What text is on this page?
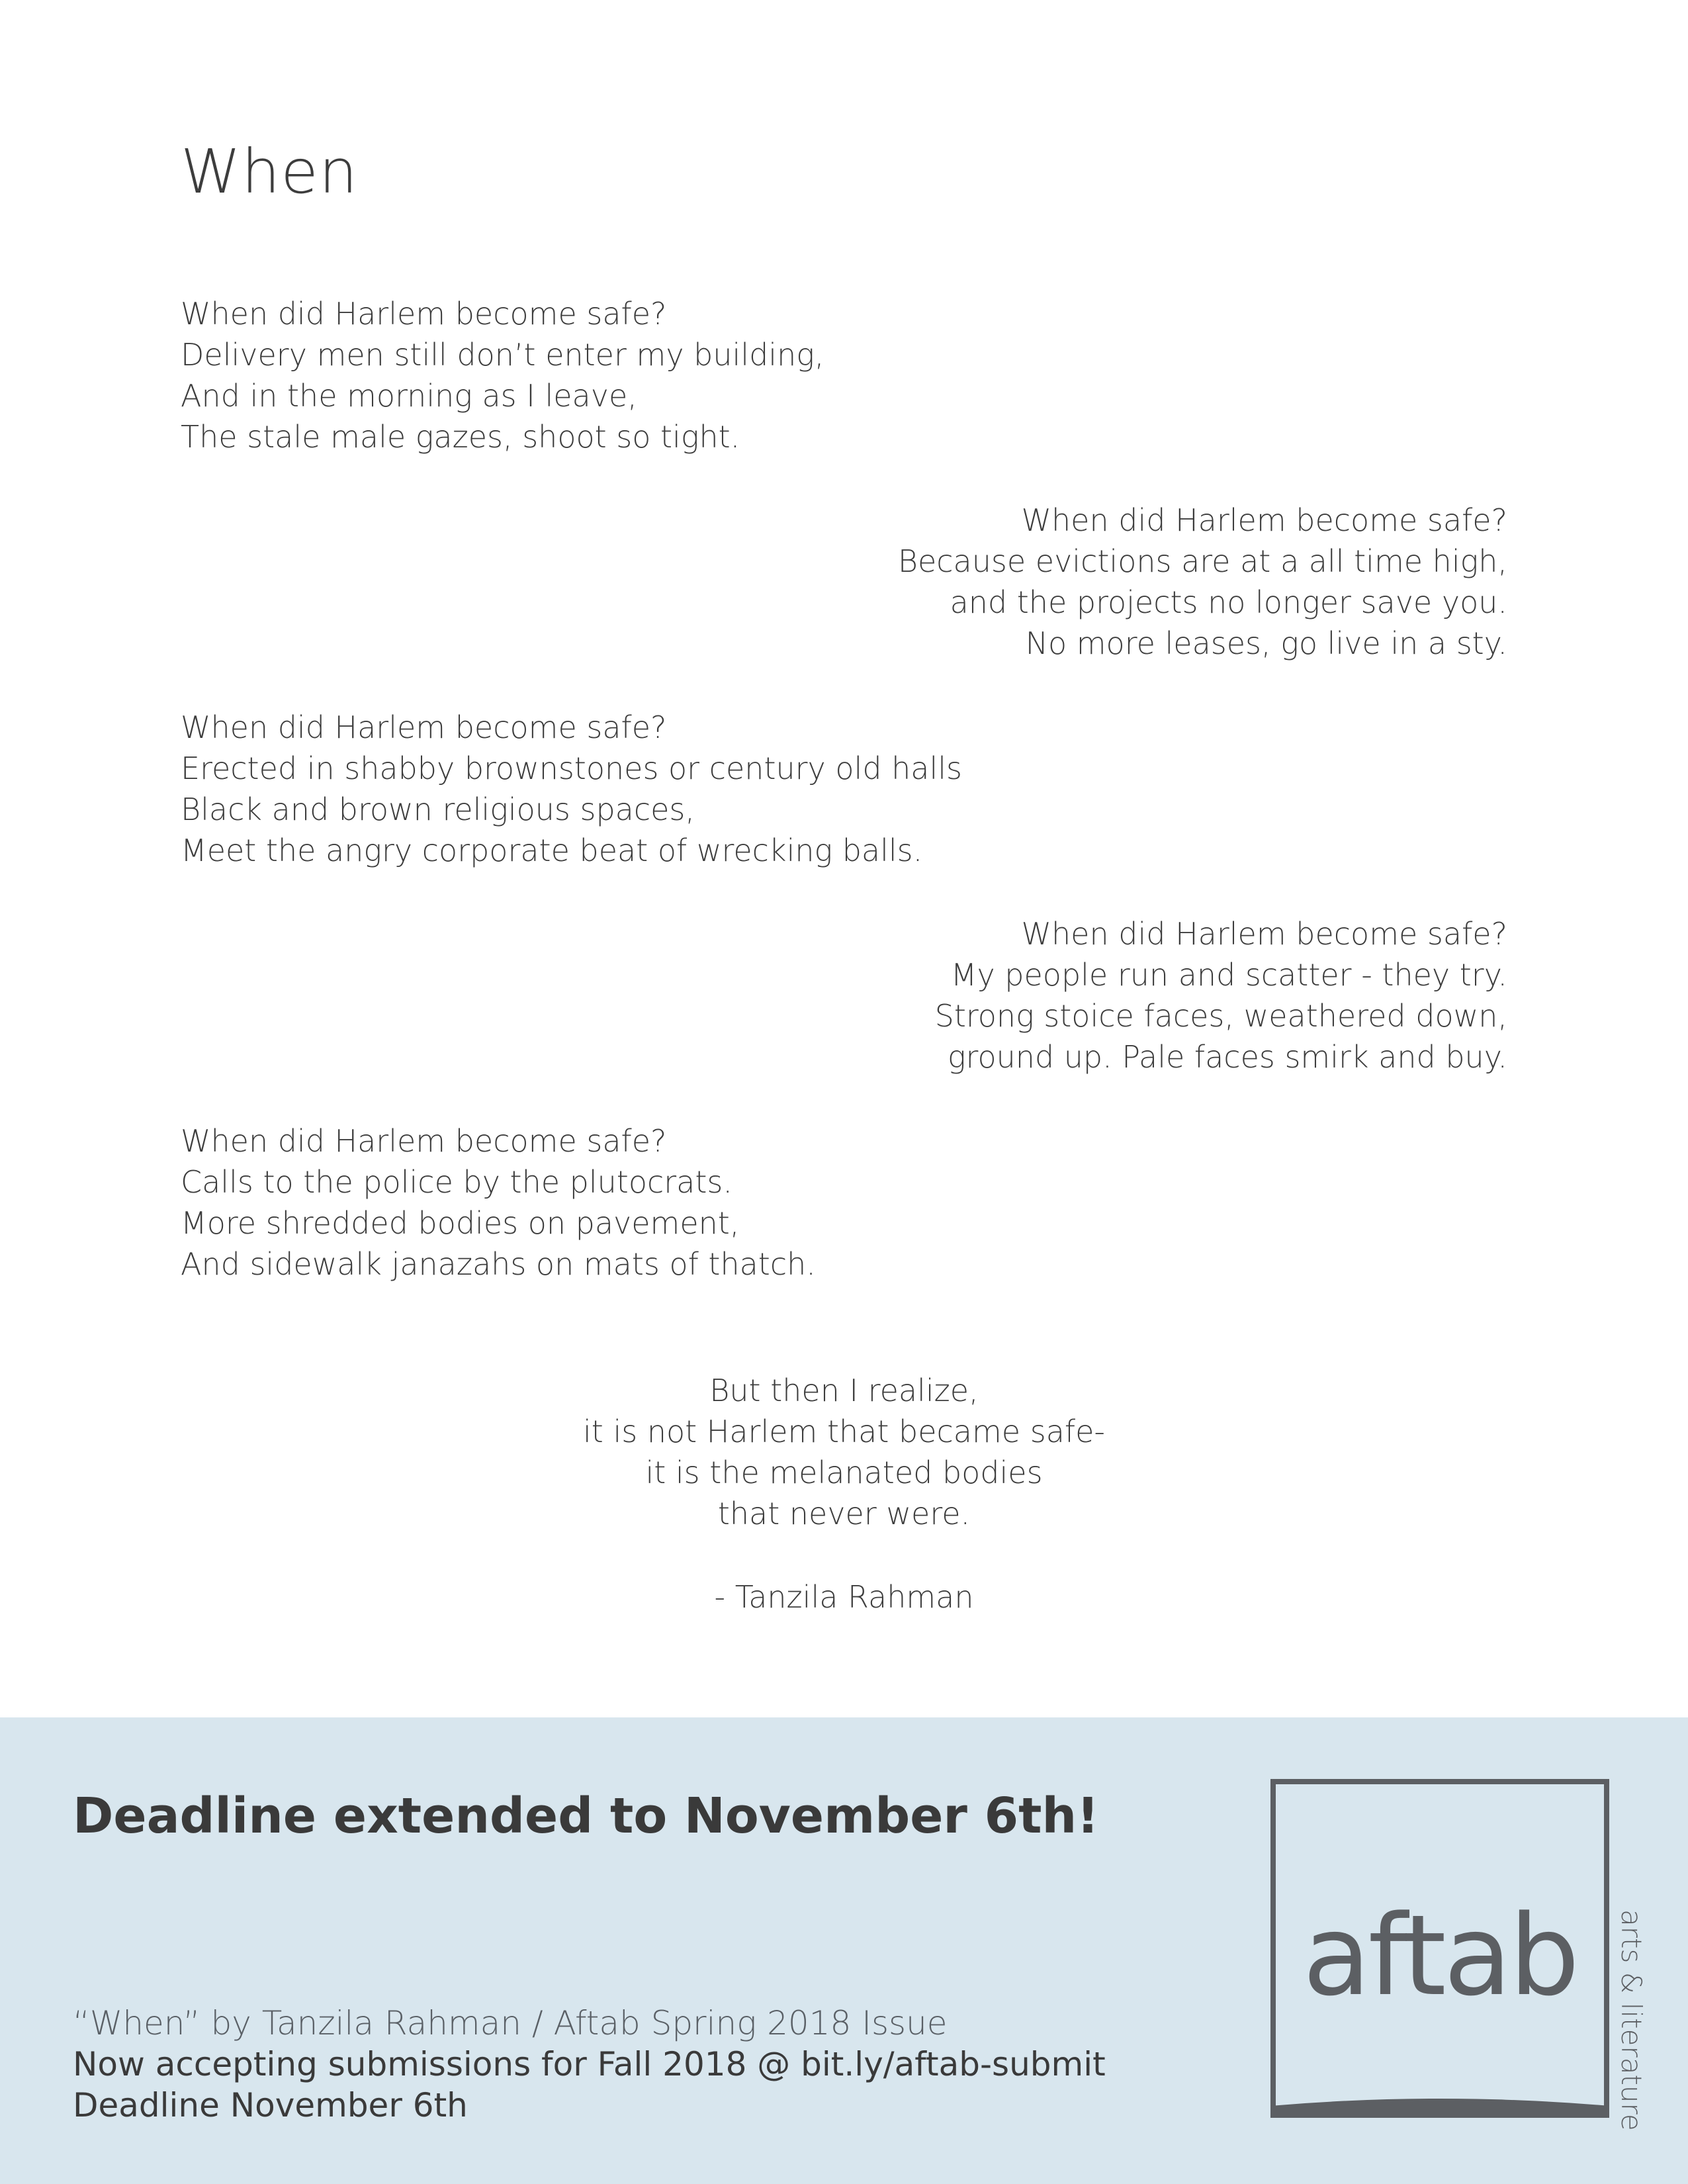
When
When did Harlem become safe?
Delivery men still don’t enter my building,
And in the morning as I leave,
The stale male gazes, shoot so tight.
When did Harlem become safe?
Because evictions are at a all time high,
and the projects no longer save you.
No more leases, go live in a sty.
When did Harlem become safe?
Erected in shabby brownstones or century old halls
Black and brown religious spaces,
Meet the angry corporate beat of wrecking balls.
When did Harlem become safe?
My people run and scatter - they try.
Strong stoice faces, weathered down,
ground up. Pale faces smirk and buy.
When did Harlem become safe?
Calls to the police by the plutocrats.
More shredded bodies on pavement,
And sidewalk janazahs on mats of thatch.
But then I realize,
it is not Harlem that became safe-
it is the melanated bodies
that never were.
- Tanzila Rahman
Deadline extended to November 6th!
“When” by Tanzila Rahman / Aftab Spring 2018 Issue
Now accepting submissions for Fall 2018 @ bit.ly/aftab-submit
Deadline November 6th
aftab	arts & literature
